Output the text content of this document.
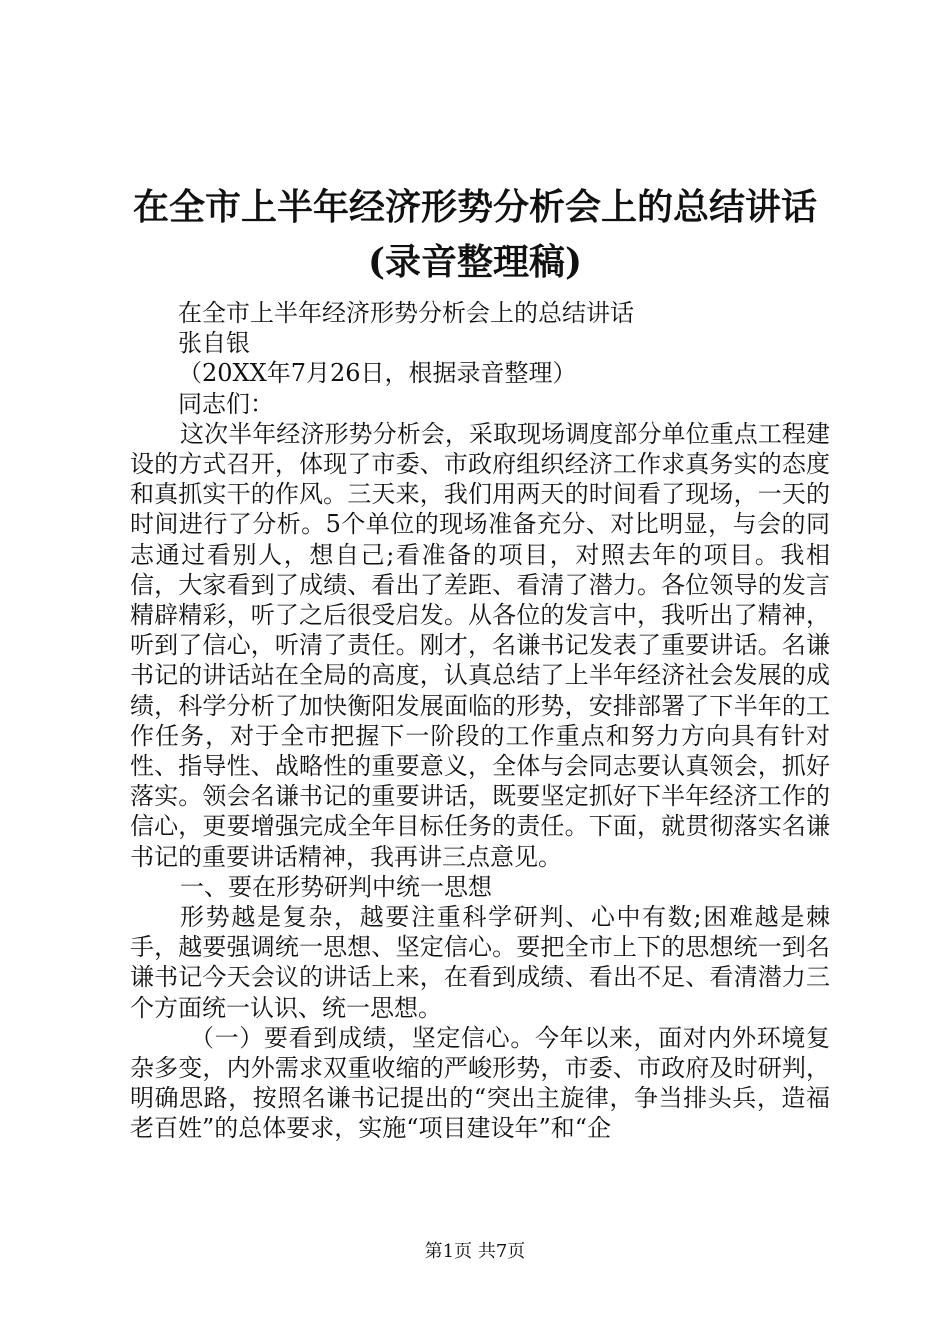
在全市上半年经济形势分析会上的总结讲话
(录音整理稿)

在全市上半年经济形势分析会上的总结讲话

张自银

（20XX年7月26日，根据录音整理）

同志们：

这次半年经济形势分析会，采取现场调度部分单位重点工程建设的方式召开，体现了市委、市政府组织经济工作求真务实的态度和真抓实干的作风。三天来，我们用两天的时间看了现场，一天的时间进行了分析。5个单位的现场准备充分、对比明显，与会的同志通过看别人，想自己;看准备的项目，对照去年的项目。我相信，大家看到了成绩、看出了差距、看清了潜力。各位领导的发言精辟精彩，听了之后很受启发。从各位的发言中，我听出了精神，听到了信心，听清了责任。刚才，名谦书记发表了重要讲话。名谦书记的讲话站在全局的高度，认真总结了上半年经济社会发展的成绩，科学分析了加快衡阳发展面临的形势，安排部署了下半年的工作任务，对于全市把握下一阶段的工作重点和努力方向具有针对性、指导性、战略性的重要意义，全体与会同志要认真领会，抓好落实。领会名谦书记的重要讲话，既要坚定抓好下半年经济工作的信心，更要增强完成全年目标任务的责任。下面，就贯彻落实名谦书记的重要讲话精神，我再讲三点意见。

一、要在形势研判中统一思想

形势越是复杂，越要注重科学研判、心中有数;困难越是棘手，越要强调统一思想、坚定信心。要把全市上下的思想统一到名谦书记今天会议的讲话上来，在看到成绩、看出不足、看清潜力三个方面统一认识、统一思想。

（一）要看到成绩，坚定信心。今年以来，面对内外环境复杂多变，内外需求双重收缩的严峻形势，市委、市政府及时研判，明确思路，按照名谦书记提出的“突出主旋律，争当排头兵，造福老百姓”的总体要求，实施“项目建设年”和“企

第1页 共7页
